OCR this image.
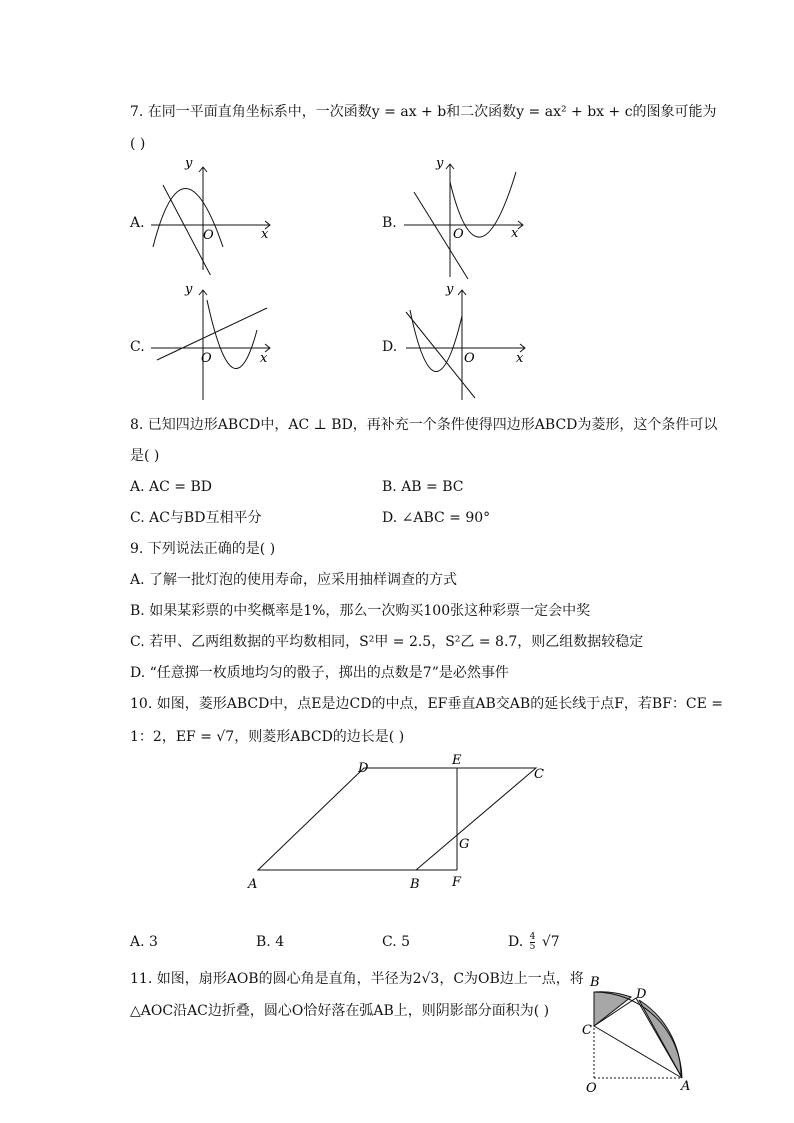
7. 在同一平面直角坐标系中，一次函数y = ax + b和二次函数y = ax² + bx + c的图象可能为
( )
A.
y
x
O
B.
y
x
O
C.
y
x
O
D.
y
x
O
8. 已知四边形ABCD中，AC ⊥ BD，再补充一个条件使得四边形ABCD为菱形，这个条件可以
是( )
A. AC = BD	B. AB = BC
C. AC与BD互相平分	D. ∠ABC = 90°
9. 下列说法正确的是( )
A. 了解一批灯泡的使用寿命，应采用抽样调查的方式
B. 如果某彩票的中奖概率是1%，那么一次购买100张这种彩票一定会中奖
C. 若甲、乙两组数据的平均数相同，S²甲 = 2.5，S²乙 = 8.7，则乙组数据较稳定
D. “任意掷一枚质地均匀的骰子，掷出的点数是7”是必然事件
10. 如图，菱形ABCD中，点E是边CD的中点，EF垂直AB交AB的延长线于点F，若BF：CE =
1：2，EF = √7，则菱形ABCD的边长是( )
A	B
C
D
E
F
G
A. 3	B. 4	C. 5	D. $\frac{4}{5} √7$
11. 如图，扇形AOB的圆心角是直角，半径为2√3，C为OB边上一点，将
△AOC沿AC边折叠，圆心O恰好落在弧AB上，则阴影部分面积为( )
B
C
D
O	A
